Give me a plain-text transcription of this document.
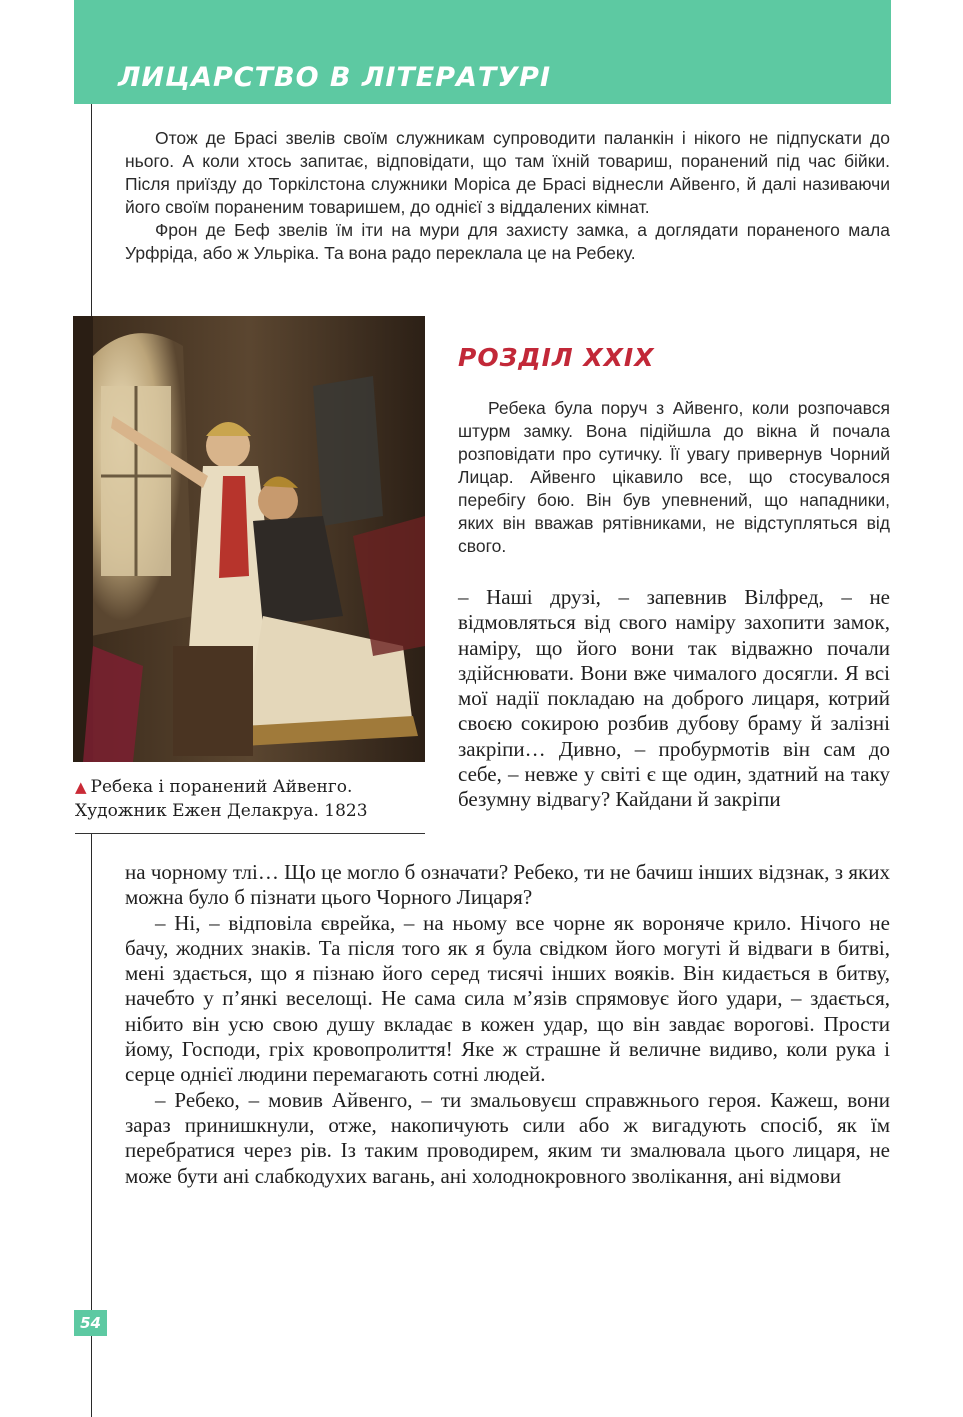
ЛИЦАРСТВО В ЛІТЕРАТУРІ

Отож де Брасі звелів своїм служникам супроводити паланкін і нікого не підпускати до нього. А коли хтось запитає, відповідати, що там їхній товариш, поранений під час бійки. Після приїзду до Торкілстона служники Моріса де Брасі віднесли Айвенго, й далі називаючи його своїм пораненим товаришем, до однієї з віддалених кімнат.

Фрон де Беф звелів їм іти на мури для захисту замка, а доглядати пораненого мала Урфріда, або ж Ульріка. Та вона радо переклала це на Ребеку.

▲ Ребека і поранений Айвенго.
Художник Ежен Делакруа. 1823
РОЗДІЛ XXIX

Ребека була поруч з Айвенго, коли розпочався штурм замку. Вона підійшла до вікна й почала розповідати про сутичку. Її увагу привернув Чорний Лицар. Айвенго цікавило все, що стосувалося перебігу бою. Він був упевнений, що нападники, яких він вважав рятівниками, не відступляться від свого.

– Наші друзі, – запевнив Вілфред, – не відмовляться від свого наміру захопити замок, наміру, що його вони так відважно почали здійснювати. Вони вже чималого досягли. Я всі мої надії покладаю на доброго лицаря, котрий своєю сокирою розбив дубову браму й залізні закріпи… Дивно, – пробурмотів він сам до себе, – невже у світі є ще один, здатний на таку безумну відвагу? Кайдани й закріпи

на чорному тлі… Що це могло б означати? Ребеко, ти не бачиш інших відзнак, з яких можна було б пізнати цього Чорного Лицаря?

– Ні, – відповіла єврейка, – на ньому все чорне як вороняче крило. Нічого не бачу, жодних знаків. Та після того як я була свідком його могуті й відваги в битві, мені здається, що я пізнаю його серед тисячі інших вояків. Він кидається в битву, начебто у п’янкі веселощі. Не сама сила м’язів спрямовує його удари, – здається, нібито він усю свою душу вкладає в кожен удар, що він завдає ворогові. Прости йому, Господи, гріх кровопролиття! Яке ж страшне й величне видиво, коли рука і серце однієї людини перемагають сотні людей.

– Ребеко, – мовив Айвенго, – ти змальовуєш справжнього героя. Кажеш, вони зараз принишкнули, отже, накопичують сили або ж вигадують спосіб, як їм перебратися через рів. Із таким проводирем, яким ти змалювала цього лицаря, не може бути ані слабкодухих вагань, ані холоднокровного зволікання, ані відмови

54
